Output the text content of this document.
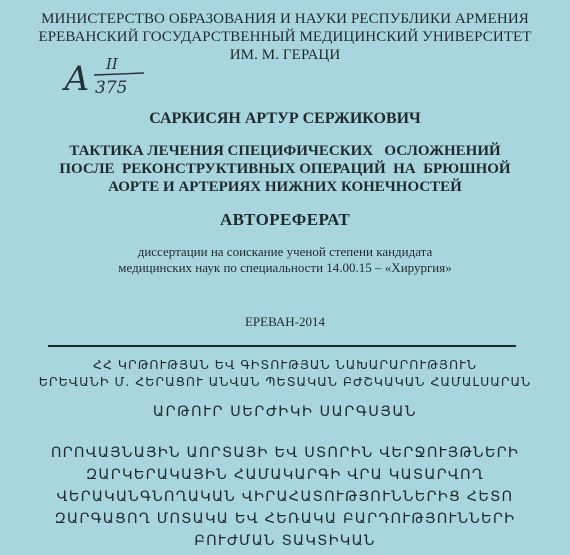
МИНИСТЕРСТВО ОБРАЗОВАНИЯ И НАУКИ РЕСПУБЛИКИ АРМЕНИЯ
ЕРЕВАНСКИЙ ГОСУДАРСТВЕННЫЙ МЕДИЦИНСКИЙ УНИВЕРСИТЕТ
ИМ. М. ГЕРАЦИ
А II
375
САРКИСЯН АРТУР СЕРЖИКОВИЧ
ТАКТИКА ЛЕЧЕНИЯ СПЕЦИФИЧЕСКИХ   ОСЛОЖНЕНИЙ
ПОСЛЕ  РЕКОНСТРУКТИВНЫХ ОПЕРАЦИЙ  НА  БРЮШНОЙ
АОРТЕ И АРТЕРИЯХ НИЖНИХ КОНЕЧНОСТЕЙ
АВТОРЕФЕРАТ
диссертации на соискание ученой степени кандидата
медицинских наук по специальности 14.00.15 – «Хирургия»
ЕРЕВАН-2014
ՀՀ ԿՐԹՈՒԹՅԱՆ ԵՎ ԳԻՏՈՒԹՅԱՆ ՆԱԽԱՐԱՐՈՒԹՅՈՒՆ
ԵՐԵՎԱՆԻ Մ. ՀԵՐԱՑՈՒ ԱՆՎԱՆ ՊԵՏԱԿԱՆ ԲԺՇԿԱԿԱՆ ՀԱՄԱԼՍԱՐԱՆ
ԱՐԹՈՒՐ ՍԵՐԺԻԿԻ ՍԱՐԳՍՅԱՆ
ՈՐՈՎԱՅՆԱՅԻՆ ԱՈՐՏԱՅԻ ԵՎ ՍՏՈՐԻՆ ՎԵՐՋՈՒՅԹՆԵՐԻ
ԶԱՐԿԵՐԱԿԱՅԻՆ ՀԱՄԱԿԱՐԳԻ ՎՐԱ ԿԱՏԱՐՎՈՂ
ՎԵՐԱԿԱՆԳՆՈՂԱԿԱՆ ՎԻՐԱՀԱՏՈՒԹՅՈՒՆՆԵՐԻՑ ՀԵՏՈ
ԶԱՐԳԱՑՈՂ ՄՈՏԱԿԱ ԵՎ ՀԵՌԱԿԱ ԲԱՐԴՈՒԹՅՈՒՆՆԵՐԻ
ԲՈՒԺՄԱՆ ՏԱԿՏԻԿԱՆ
